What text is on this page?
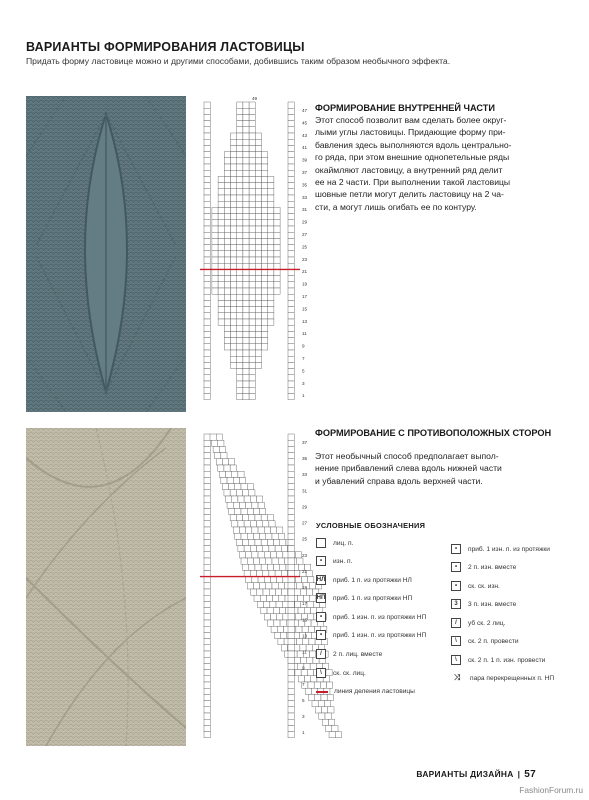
ВАРИАНТЫ ФОРМИРОВАНИЯ ЛАСТОВИЦЫ
Придать форму ластовице можно и другими способами, добившись таким образом необычного эффекта.
47
45
43
41
39
37
35
33
31
29
27
25
23
21
19
17
15
13
11
9
7
5
3
1
49
37
35
33
31
29
27
25
23
21
19
17
15
13
11
9
7
5
3
1
ФОРМИРОВАНИЕ ВНУТРЕННЕЙ ЧАСТИ
Этот способ позволит вам сделать более округ-
лыми углы ластовицы. Придающие форму при-
бавления здесь выполняются вдоль центрально-
го ряда, при этом внешние однопетельные ряды
окаймляют ластовицу, а внутренний ряд делит
ее на 2 части. При выполнении такой ластовицы
шовные петли могут делить ластовицу на 2 ча-
сти, а могут лишь огибать ее по контуру.
ФОРМИРОВАНИЕ С ПРОТИВОПОЛОЖНЫХ СТОРОН
Этот необычный способ предполагает выпол-
нение прибавлений слева вдоль нижней части
и убавлений справа вдоль верхней части.
УСЛОВНЫЕ ОБОЗНАЧЕНИЯ
лиц. п.
•	изн. п.
НЛ приб. 1 п. из протяжки НЛ
НП приб. 1 п. из протяжки НП
•	приб. 1 изн. п. из протяжки НП
•	приб. 1 изн. п. из протяжки НП
/	2 п. лиц. вместе
\	ск. ск. лиц.
линия деления ластовицы
•	приб. 1 изн. п. из протяжки
•	2 п. изн. вместе
•	ск. ск. изн.
3	3 п. изн. вместе
/	уб ск. 2 лиц.
\	ск. 2 п. провести
\	ск. 2 п. 1 п. изн. провести
⤨	пара перекрещенных п. НП
ВАРИАНТЫ ДИЗАЙНА | 57
FashionForum.ru
